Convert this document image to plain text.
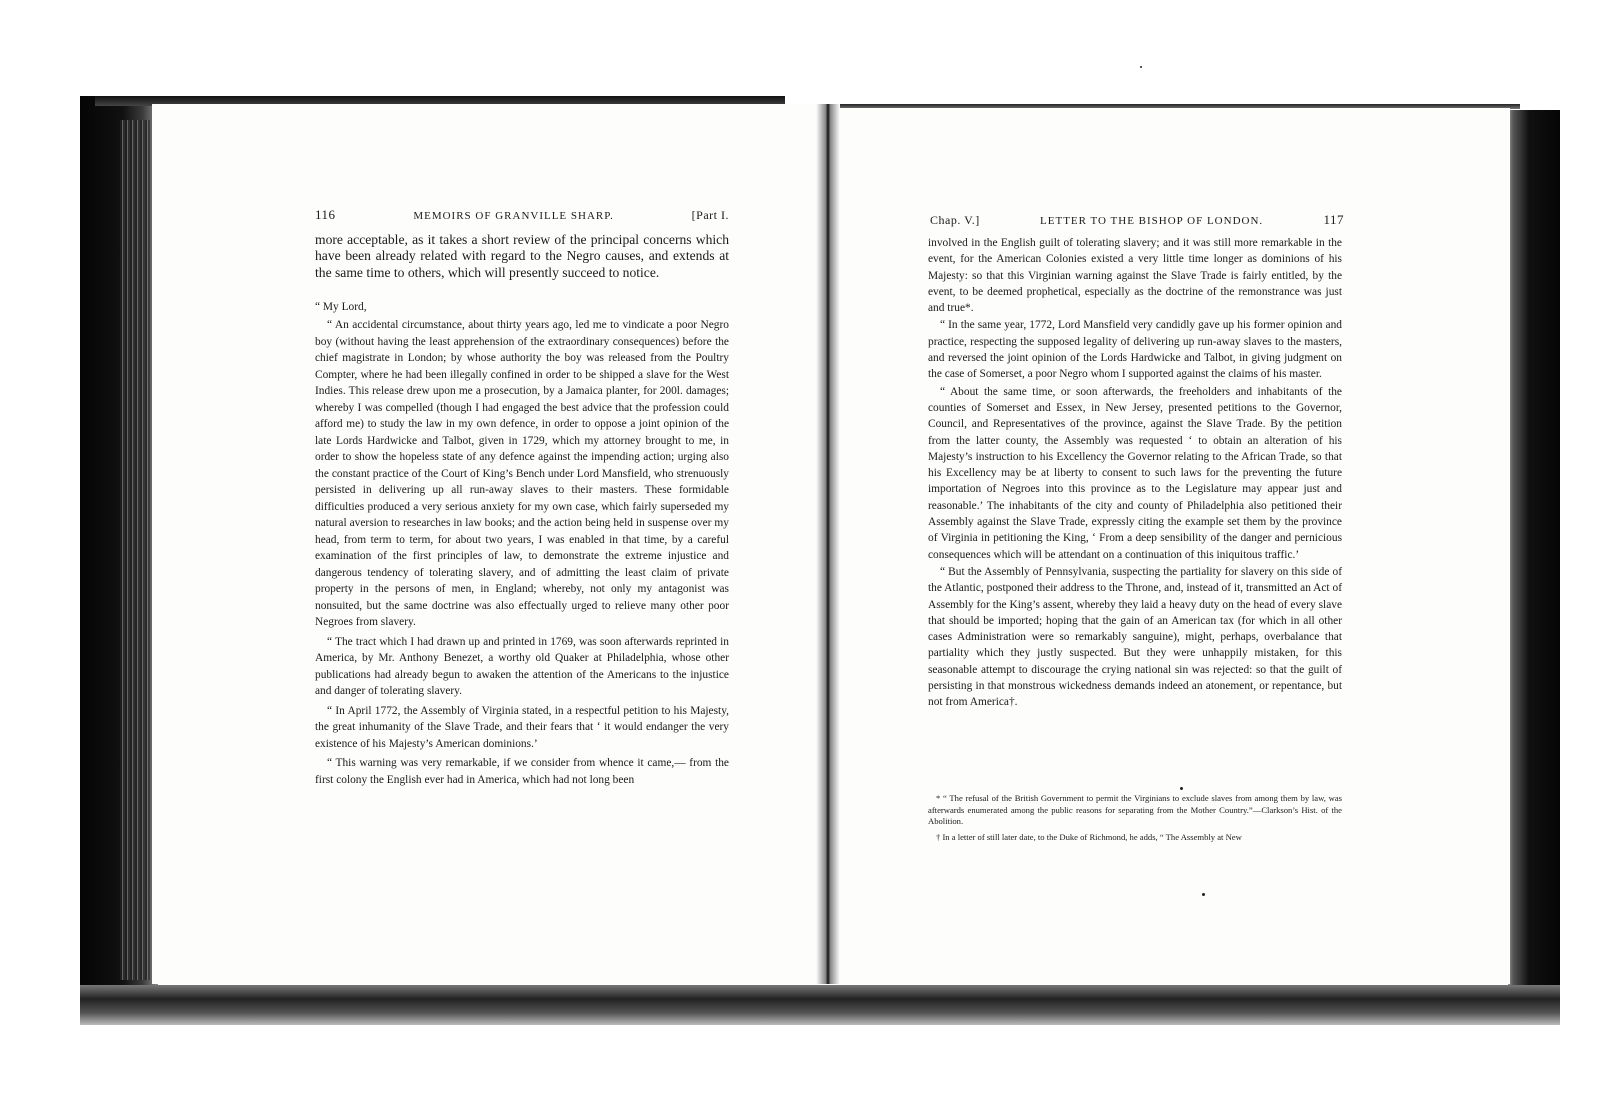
116	MEMOIRS OF GRANVILLE SHARP.	[Part I.

more acceptable, as it takes a short review of the principal concerns which have been already related with regard to the Negro causes, and extends at the same time to others, which will presently succeed to notice.

“ My Lord,

“ An accidental circumstance, about thirty years ago, led me to vindicate a poor Negro boy (without having the least apprehension of the extraordinary consequences) before the chief magistrate in London; by whose authority the boy was released from the Poultry Compter, where he had been illegally confined in order to be shipped a slave for the West Indies. This release drew upon me a prosecution, by a Jamaica planter, for 200l. damages; whereby I was compelled (though I had engaged the best advice that the profession could afford me) to study the law in my own defence, in order to oppose a joint opinion of the late Lords Hardwicke and Talbot, given in 1729, which my attorney brought to me, in order to show the hopeless state of any defence against the impending action; urging also the constant practice of the Court of King’s Bench under Lord Mansfield, who strenuously persisted in delivering up all run-away slaves to their masters. These formidable difficulties produced a very serious anxiety for my own case, which fairly superseded my natural aversion to researches in law books; and the action being held in suspense over my head, from term to term, for about two years, I was enabled in that time, by a careful examination of the first principles of law, to demonstrate the extreme injustice and dangerous tendency of tolerating slavery, and of admitting the least claim of private property in the persons of men, in England; whereby, not only my antagonist was nonsuited, but the same doctrine was also effectually urged to relieve many other poor Negroes from slavery.

“ The tract which I had drawn up and printed in 1769, was soon afterwards reprinted in America, by Mr. Anthony Benezet, a worthy old Quaker at Philadelphia, whose other publications had already begun to awaken the attention of the Americans to the injustice and danger of tolerating slavery.

“ In April 1772, the Assembly of Virginia stated, in a respectful petition to his Majesty, the great inhumanity of the Slave Trade, and their fears that ‘ it would endanger the very existence of his Majesty’s American dominions.’

“ This warning was very remarkable, if we consider from whence it came,— from the first colony the English ever had in America, which had not long been

Chap. V.]	LETTER TO THE BISHOP OF LONDON.	117

involved in the English guilt of tolerating slavery; and it was still more remarkable in the event, for the American Colonies existed a very little time longer as dominions of his Majesty: so that this Virginian warning against the Slave Trade is fairly entitled, by the event, to be deemed prophetical, especially as the doctrine of the remonstrance was just and true*.

“ In the same year, 1772, Lord Mansfield very candidly gave up his former opinion and practice, respecting the supposed legality of delivering up run-away slaves to the masters, and reversed the joint opinion of the Lords Hardwicke and Talbot, in giving judgment on the case of Somerset, a poor Negro whom I supported against the claims of his master.

“ About the same time, or soon afterwards, the freeholders and inhabitants of the counties of Somerset and Essex, in New Jersey, presented petitions to the Governor, Council, and Representatives of the province, against the Slave Trade. By the petition from the latter county, the Assembly was requested ‘ to obtain an alteration of his Majesty’s instruction to his Excellency the Governor relating to the African Trade, so that his Excellency may be at liberty to consent to such laws for the preventing the future importation of Negroes into this province as to the Legislature may appear just and reasonable.’ The inhabitants of the city and county of Philadelphia also petitioned their Assembly against the Slave Trade, expressly citing the example set them by the province of Virginia in petitioning the King, ‘ From a deep sensibility of the danger and pernicious consequences which will be attendant on a continuation of this iniquitous traffic.’

“ But the Assembly of Pennsylvania, suspecting the partiality for slavery on this side of the Atlantic, postponed their address to the Throne, and, instead of it, transmitted an Act of Assembly for the King’s assent, whereby they laid a heavy duty on the head of every slave that should be imported; hoping that the gain of an American tax (for which in all other cases Administration were so remarkably sanguine), might, perhaps, overbalance that partiality which they justly suspected. But they were unhappily mistaken, for this seasonable attempt to discourage the crying national sin was rejected: so that the guilt of persisting in that monstrous wickedness demands indeed an atonement, or repentance, but not from America†.

* “ The refusal of the British Government to permit the Virginians to exclude slaves from among them by law, was afterwards enumerated among the public reasons for separating from the Mother Country.”—Clarkson’s Hist. of the Abolition.

† In a letter of still later date, to the Duke of Richmond, he adds, “ The Assembly at New
